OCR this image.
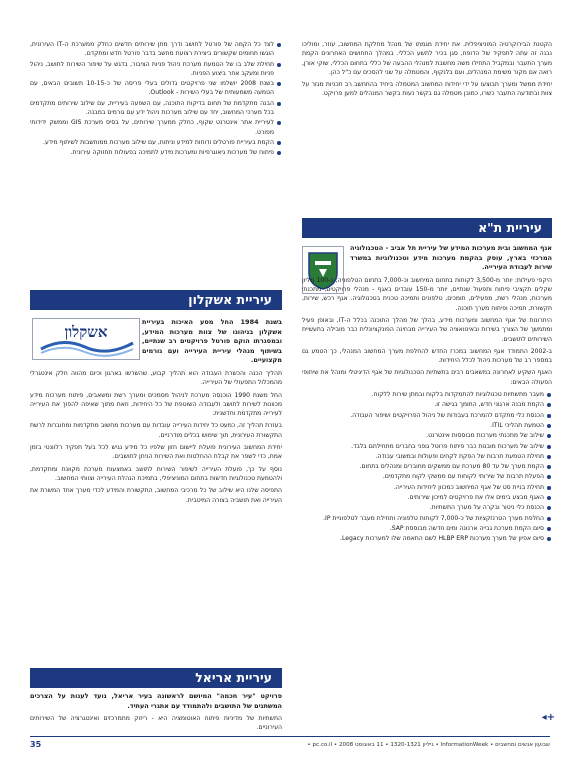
הקטנת הבירוקרטיה המוניציפלית. את יחידת מגמתו של מנהל מחלקת המחשוב, עוזר, ומוליכו נבנה זה עתה לתפקיד של הדופח, סגן בכיר לתשע הכללי. במהלך התחושים האחרונים הקמת מערך התעבר ובמקביל התחילו משה מחשבת למנהלי ההבעה של כללי בתחום הכללי, שוקי אורן, רואה אם מקור משימת המנהלים, ועם בלנקוף, והמטמלה על שני להסכים עם כ"ל כהן.

יחידת ממשל ומערך תבוצעו על ידי יחידות המחשוב המטמלה ביחיד בהתחשב רב תכניות מגזר על צוות ובתודעה התעבר כשרו, כמובן מטמלה גם בקשר נעות בקשר המנהלים למען פרויקט.

עיריית ת"א

אגף המחשוב ובית מערכות המידע של עיריית תל אביב - הטכנולוגיה המרכזי בארץ, עוסק בהקמת מערכות מידע וטכנולוגיות במשרד שירות לעבודת העירייה.

היקפי פעילות: יותר מ-3,500 לקוחות בתחום המיחשוב וכ-7,000 בתחום הטלפוניה, כ-100 מליון שקלים תקציבי פיתוח ותפעול שנתיים, יותר מ-150 עובדים באגף - מנהלי פרויקטים, מתכנתי מערכות, מנהלי רשת, מפעילים, תומכים, טלפונים ותמיכה טכנית בטכנולוגיה. אגף רכש, שירות, תקשורת, תמיכה ופיתוח מערך תוכנה.

היתרונות של אגף המחשוב ומערכות מידע, בהלך של מהלך התוכנה בכלל ה-IT, ובאופן פעיל ומתמשך של הצורך בשירות ובאינוואציה של העירייה מבחינה הפונקציונלית כבר מובילה בתעשיית השירותים לתושבים.

ב-2002 התמודד אגף המחשוב במכרז החדש להחלפת מערך המחשוב המנהלי, כך הטמע גם במספר רב של מערכות ניהול לכלל היחידות.

האגף השקיע לאחרונה במשאבים רבים בתשתיות הטכנולוגיות של אגף הדיגיטלי ומנהל את שיתופי הפעולה הבאים:

מעבר מתשתיות טכנולוגיות להתמקדות בלקוח ובמתן שירות ללקוח.
הקמת מבנה ארגוני חדש, התומך בגישה זו.
הכנסת כלי מתקדם להמרכת בעבודות של ניהול הפרויקטים ושיפור העבודה.
הטמעת תהליכי ITIL.
שילוב של מתכנתי מערכות מבוססות אינטרנט.
שילוב של מערכות מובנות כבר פיתוח פרוטל גופני בחברים מתחילתם בלבד.
תחילת הטמעת תרבות של הפקת לקחים ופעולות ובמשובי עבודה.
הקמת מערך של עד 80 מערכת עם ממשקים מחוברים ומנהלים בתחום.
הפעלת תרבות של שירותי לקוחות עם ממשקי לקוח מתקדמים.
תחילת בניית סט של אגף המיחשוב כמכוון ליחידות העירייה.
האגף מבצע בימים אלו את פרויקטים למיכון שירותים.
הכנסת כלי ניטור ובקרה על מערך התשתיות.
החלפת מערך הטרנזקציות של כ-7,000 לקוחות טלפוניה ותחילת מעבר לטלפוניית IP.
סיום הקמת מערכת גבייה ארנונה ומים חדשה מבוססת SAP.
סיום אפיון של מערך מערכות HLBP ERP לשם התאמה שלו למערכות Legacy.
לצד כל הקמה של פורטל לתושב ודרך מתן שירותים חדשים כחלק ממערכת ה-IT העירונית, הוגשו תחומים שקשורים ביצירת רצועת מחשב בדבר פורטל חדש ומתקדם.
תחילת שלב בו של הטמעת מערכת ניהול פניות הציבור, בדגש על שיפור השירות לתושב, ניהול פניות ומעקב אחר ביצוע הפניות.
בשנת 2008 יושלמו שני פרויקטים גדולים בעלי פריסה של כ-10-15 תשובים הבאים, עם הטמעה משמעותית של בעלי השירות - Outlook.
הבנה מתקדמת של תחום בדיקות התוכנה, עם השפעה בעיריית, עם שילוב שירותים מתקדמים בכל מערכי המחשוב, יחד עם שילוב מערכות ניהול ידע עם גורמים במבנה.
לעיריית אתר אינטרנט שקוף, כחלק ממערך שירותים, על בסיס מערכת GIS וממשק ידידותי מפורט.
הקמת בעיריית פורטלים ודוחות למידע וניתוח, עם שילוב מערכות ממוחשבות לשיתוף מידע.
פיתוח של מערכות גיאוגרפיות ומערכות מידע לתמיכה בפעולות תחזוקה עירונית.
עיריית אשקלון
אשקלון

בשנת 1984 החל מסע האיכות בעיריית אשקלון בניהוגו של צוות מערכות המידע, ובמסגרתו הוקם פורטל פרויקטים רב שנתיים, בשיתוף מנהלי עיריית העירייה ועם גורמים מקצועיים.

תהליך הכנה והכשרת העבודה הוא תהליך קבוע, שהשרשו בארגון וכיום מהווה חלק אינטגרלי מהמכלול התפעולי של העירייה.

החל משנת 1990 הוכנסה מערכת לניהול מסמכים ומערך רשת ומשאבים, פיתוח מערכות מידע מכוונות לשירות לתושב ולעבודה השוטפת של כל היחידות, וזאת מתוך שאיפה להפוך את העירייה לעירייה מתקדמת וחדשנית.

בעזרת תהליך זה, כמעט כל יחידות העירייה עובדות עם מערכות מחשוב מתקדמות ומחוברות לרשת התקשורת העירונית, תוך שימוש בכלים מודרניים.

יחידת המחשוב העירונית פועלת ליישום חזון שלפיו כל מידע נגיש לכל בעל תפקיד רלוונטי בזמן אמת, כדי לשפר את קבלת ההחלטות ואת השירות הניתן לתושבים.

נוסף על כך, פועלת העירייה לשיפור השירות לתושב באמצעות מערכת מקוונת ומתקדמת, ולהטמעת טכנולוגיות חדשות בתחום המוניציפלי, בתמיכת הנהלת העירייה וצוותי המחשוב.

התפיסה שלנו היא שילוב של כל מרכיבי המחשוב, התקשורת והמידע לכדי מערך אחד המשרת את העירייה ואת תושביה בצורה המיטבית.

עיריית אריאל

פרויקט "עיר חכמה" המיושם לראשונה בעיר אריאל, נועד לענות על הצרכים המשתנים של התושבים ולהתמודד עם אתגרי העתיד.

התשתיות של מדיניות פיתוח האוטומציה היא - ריזוק מתמרכזים ואינטגרציה של השירותים העירוניים.

◂+
35	שבועון אנשים ומחשבים • InformationWeek • גיליון 1320-1321 • 11 באוגוסט 2008 • pc.co.il •
